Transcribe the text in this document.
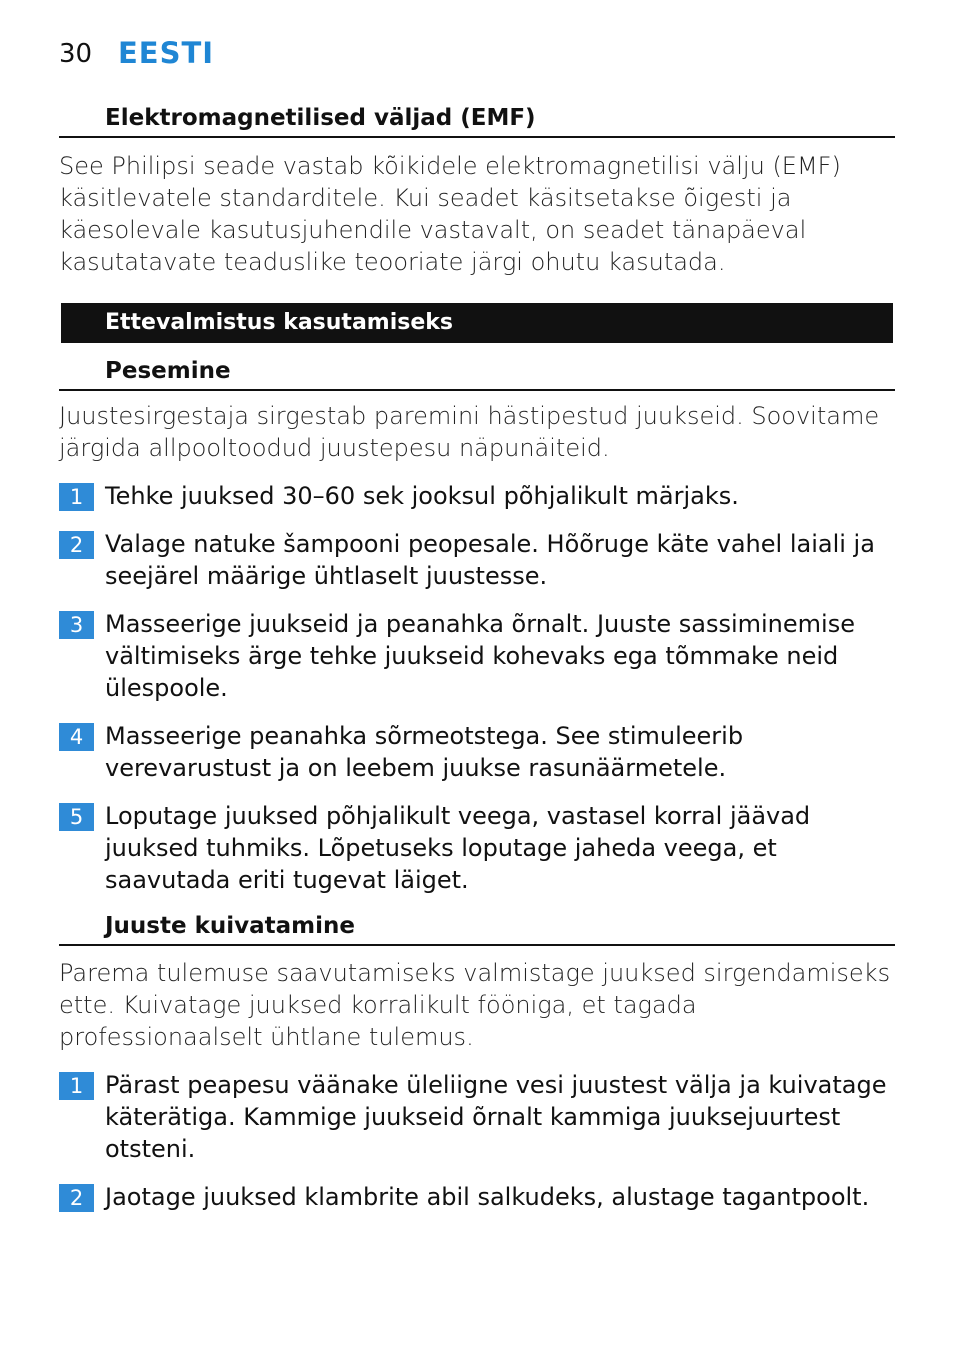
30 EESTI
Elektromagnetilised väljad (EMF)

See Philipsi seade vastab kõikidele elektromagnetilisi välju (EMF) käsitlevatele standarditele. Kui seadet käsitsetakse õigesti ja käesolevale kasutusjuhendile vastavalt, on seadet tänapäeval kasutatavate teaduslike teooriate järgi ohutu kasutada.

Ettevalmistus kasutamiseks
Pesemine

Juustesirgestaja sirgestab paremini hästipestud juukseid. Soovitame järgida allpooltoodud juustepesu näpunäiteid.

1 Tehke juuksed 30–60 sek jooksul põhjalikult märjaks.
2 Valage natuke šampooni peopesale. Hõõruge käte vahel laiali ja seejärel määrige ühtlaselt juustesse.
3 Masseerige juukseid ja peanahka õrnalt. Juuste sassiminemise vältimiseks ärge tehke juukseid kohevaks ega tõmmake neid ülespoole.
4 Masseerige peanahka sõrmeotstega. See stimuleerib verevarustust ja on leebem juukse rasunäärmetele.
5 Loputage juuksed põhjalikult veega, vastasel korral jäävad juuksed tuhmiks. Lõpetuseks loputage jaheda veega, et saavutada eriti tugevat läiget.
Juuste kuivatamine

Parema tulemuse saavutamiseks valmistage juuksed sirgendamiseks ette. Kuivatage juuksed korralikult fööniga, et tagada professionaalselt ühtlane tulemus.

1 Pärast peapesu väänake üleliigne vesi juustest välja ja kuivatage käterätiga. Kammige juukseid õrnalt kammiga juuksejuurtest otsteni.
2 Jaotage juuksed klambrite abil salkudeks, alustage tagantpoolt.
